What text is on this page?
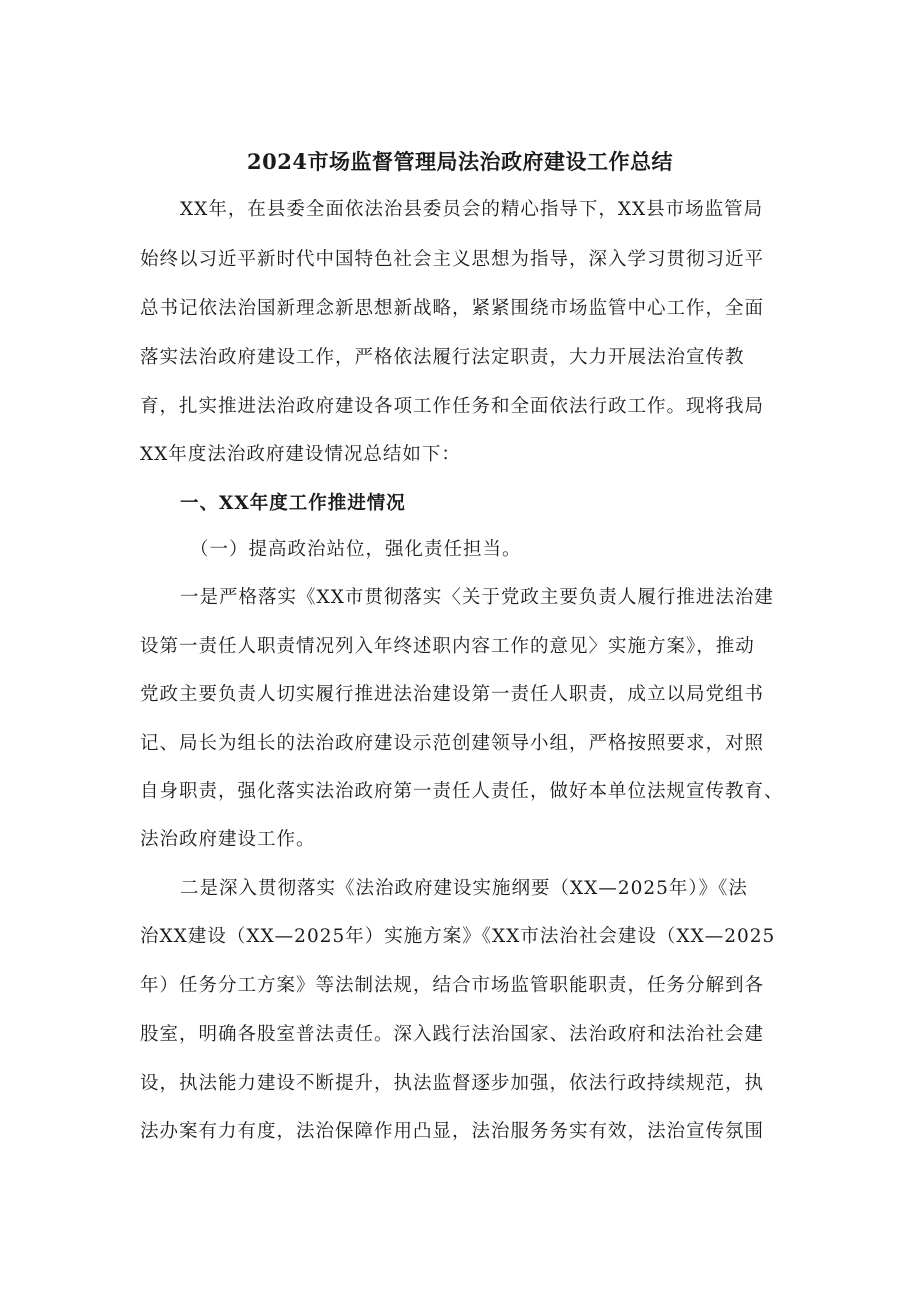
2024市场监督管理局法治政府建设工作总结
XX年，在县委全面依法治县委员会的精心指导下，XX县市场监管局
始终以习近平新时代中国特色社会主义思想为指导，深入学习贯彻习近平
总书记依法治国新理念新思想新战略，紧紧围绕市场监管中心工作，全面
落实法治政府建设工作，严格依法履行法定职责，大力开展法治宣传教
育，扎实推进法治政府建设各项工作任务和全面依法行政工作。现将我局
XX年度法治政府建设情况总结如下：
一、XX年度工作推进情况
（一）提高政治站位，强化责任担当。
一是严格落实《XX市贯彻落实〈关于党政主要负责人履行推进法治建
设第一责任人职责情况列入年终述职内容工作的意见〉实施方案》，推动
党政主要负责人切实履行推进法治建设第一责任人职责，成立以局党组书
记、局长为组长的法治政府建设示范创建领导小组，严格按照要求，对照
自身职责，强化落实法治政府第一责任人责任，做好本单位法规宣传教育、
法治政府建设工作。
二是深入贯彻落实《法治政府建设实施纲要（XX—2025年）》《法
治XX建设（XX—2025年）实施方案》《XX市法治社会建设（XX—2025
年）任务分工方案》等法制法规，结合市场监管职能职责，任务分解到各
股室，明确各股室普法责任。深入践行法治国家、法治政府和法治社会建
设，执法能力建设不断提升，执法监督逐步加强，依法行政持续规范，执
法办案有力有度，法治保障作用凸显，法治服务务实有效，法治宣传氛围
